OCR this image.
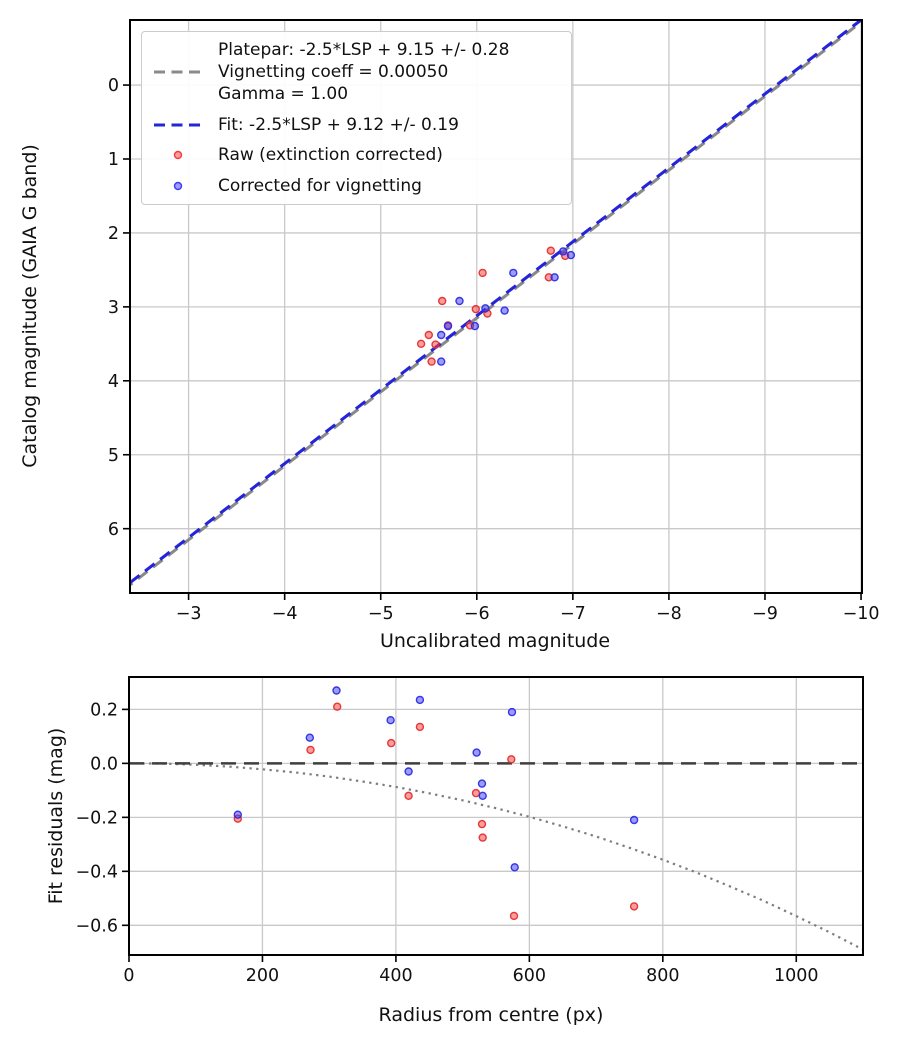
−3	−4	−5	−6	−7	−8	−9	−10
0
1
2
3
4
5
6
0	200	400	600	800	1000
0.2
0.0
−0.2
−0.4
−0.6
Catalog magnitude (GAIA G band)
Uncalibrated magnitude
Fit residuals (mag)
Radius from centre (px)
Platepar: -2.5*LSP + 9.15 +/- 0.28
Vignetting coeff = 0.00050
Gamma = 1.00
Fit: -2.5*LSP + 9.12 +/- 0.19
Raw (extinction corrected)
Corrected for vignetting
